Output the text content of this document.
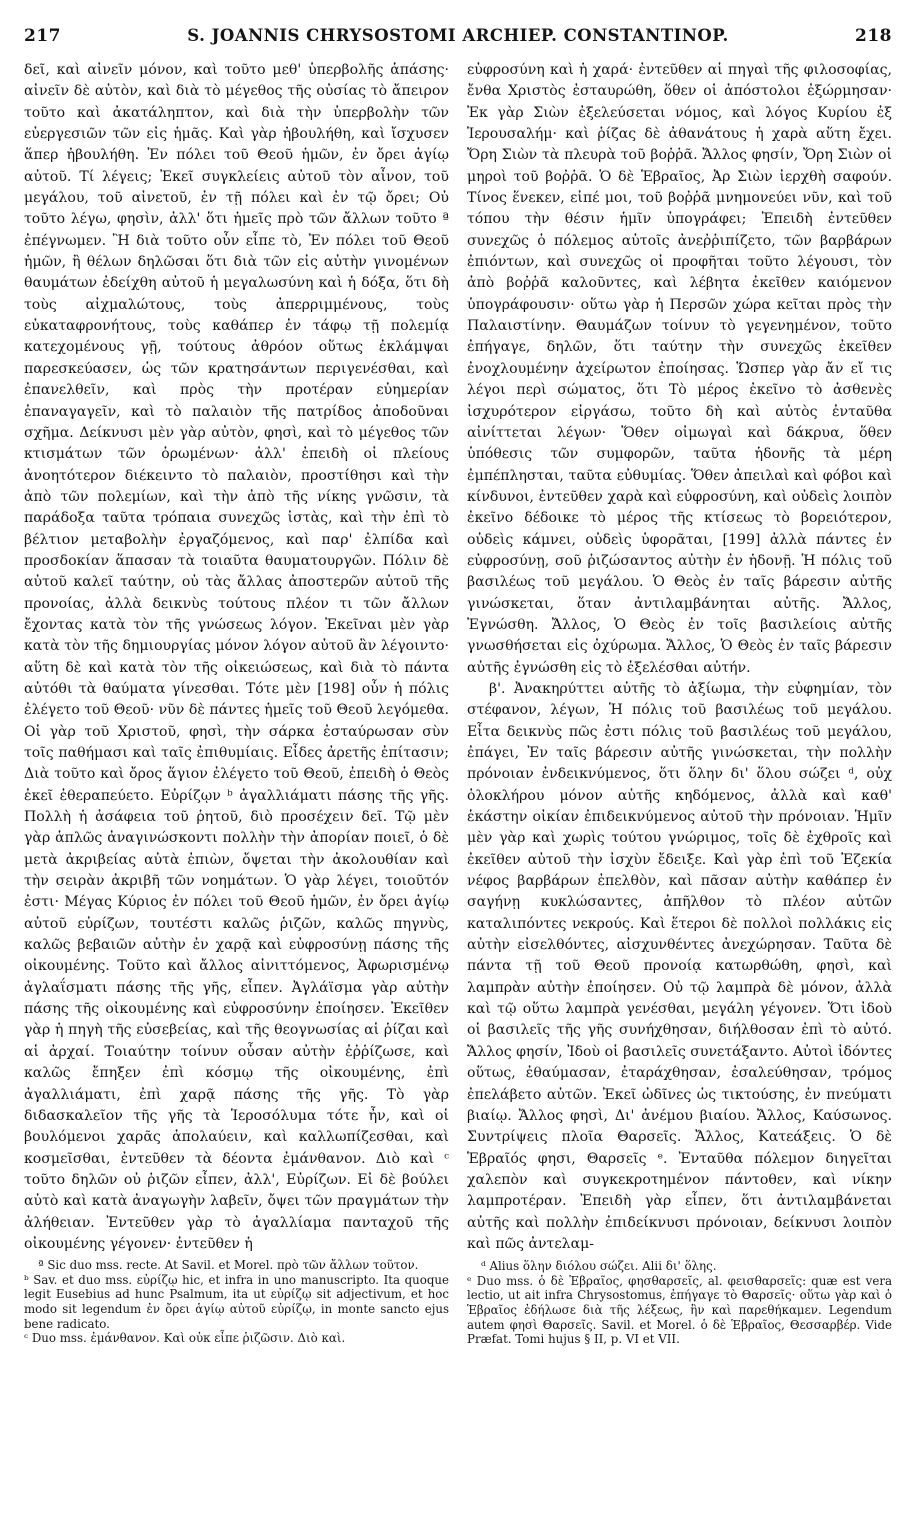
217	S. JOANNIS CHRYSOSTOMI ARCHIEP. CONSTANTINOP.	218

δεῖ, καὶ αἰνεῖν μόνον, καὶ τοῦτο μεθ' ὑπερβολῆς ἁπάσης· αἰνεῖν δὲ αὐτὸν, καὶ διὰ τὸ μέγεθος τῆς οὐσίας τὸ ἄπειρον τοῦτο καὶ ἀκατάληπτον, καὶ διὰ τὴν ὑπερβολὴν τῶν εὐεργεσιῶν τῶν εἰς ἡμᾶς. Καὶ γὰρ ἠβουλήθη, καὶ ἴσχυσεν ἅπερ ἠβουλήθη. Ἐν πόλει τοῦ Θεοῦ ἡμῶν, ἐν ὄρει ἁγίῳ αὐτοῦ. Τί λέγεις; Ἐκεῖ συγκλείεις αὐτοῦ τὸν αἶνον, τοῦ μεγάλου, τοῦ αἰνετοῦ, ἐν τῇ πόλει καὶ ἐν τῷ ὄρει; Οὐ τοῦτο λέγω, φησὶν, ἀλλ' ὅτι ἡμεῖς πρὸ τῶν ἄλλων τοῦτο ª ἐπέγνωμεν. Ἢ διὰ τοῦτο οὖν εἶπε τὸ, Ἐν πόλει τοῦ Θεοῦ ἡμῶν, ἢ θέλων δηλῶσαι ὅτι διὰ τῶν εἰς αὐτὴν γινομένων θαυμάτων ἐδείχθη αὐτοῦ ἡ μεγαλωσύνη καὶ ἡ δόξα, ὅτι δὴ τοὺς αἰχμαλώτους, τοὺς ἀπερριμμένους, τοὺς εὐκαταφρονήτους, τοὺς καθάπερ ἐν τάφῳ τῇ πολεμίᾳ κατεχομένους γῇ, τούτους ἀθρόον οὕτως ἐκλάμψαι παρεσκεύασεν, ὡς τῶν κρατησάντων περιγενέσθαι, καὶ ἐπανελθεῖν, καὶ πρὸς τὴν προτέραν εὐημερίαν ἐπαναγαγεῖν, καὶ τὸ παλαιὸν τῆς πατρίδος ἀποδοῦναι σχῆμα. Δείκνυσι μὲν γὰρ αὐτὸν, φησὶ, καὶ τὸ μέγεθος τῶν κτισμάτων τῶν ὁρωμένων· ἀλλ' ἐπειδὴ οἱ πλείους ἀνοητότερον διέκειντο τὸ παλαιὸν, προστίθησι καὶ τὴν ἀπὸ τῶν πολεμίων, καὶ τὴν ἀπὸ τῆς νίκης γνῶσιν, τὰ παράδοξα ταῦτα τρόπαια συνεχῶς ἱστὰς, καὶ τὴν ἐπὶ τὸ βέλτιον μεταβολὴν ἐργαζόμενος, καὶ παρ' ἐλπίδα καὶ προσδοκίαν ἅπασαν τὰ τοιαῦτα θαυματουργῶν. Πόλιν δὲ αὐτοῦ καλεῖ ταύτην, οὐ τὰς ἄλλας ἀποστερῶν αὐτοῦ τῆς προνοίας, ἀλλὰ δεικνὺς τούτους πλέον τι τῶν ἄλλων ἔχοντας κατὰ τὸν τῆς γνώσεως λόγον. Ἐκεῖναι μὲν γὰρ κατὰ τὸν τῆς δημιουργίας μόνον λόγον αὐτοῦ ἂν λέγοιντο· αὕτη δὲ καὶ κατὰ τὸν τῆς οἰκειώσεως, καὶ διὰ τὸ πάντα αὐτόθι τὰ θαύματα γίνεσθαι. Τότε μὲν [198] οὖν ἡ πόλις ἐλέγετο τοῦ Θεοῦ· νῦν δὲ πάντες ἡμεῖς τοῦ Θεοῦ λεγόμεθα. Οἱ γὰρ τοῦ Χριστοῦ, φησὶ, τὴν σάρκα ἐσταύρωσαν σὺν τοῖς παθήμασι καὶ ταῖς ἐπιθυμίαις. Εἶδες ἀρετῆς ἐπίτασιν; Διὰ τοῦτο καὶ ὄρος ἅγιον ἐλέγετο τοῦ Θεοῦ, ἐπειδὴ ὁ Θεὸς ἐκεῖ ἐθεραπεύετο. Εὐρίζῳν ᵇ ἀγαλλιάματι πάσης τῆς γῆς. Πολλὴ ἡ ἀσάφεια τοῦ ῥητοῦ, διὸ προσέχειν δεῖ. Τῷ μὲν γὰρ ἁπλῶς ἀναγινώσκοντι πολλὴν τὴν ἀπορίαν ποιεῖ, ὁ δὲ μετὰ ἀκριβείας αὐτὰ ἐπιὼν, ὄψεται τὴν ἀκολουθίαν καὶ τὴν σειρὰν ἀκριβῆ τῶν νοημάτων. Ὁ γὰρ λέγει, τοιοῦτόν ἐστι· Μέγας Κύριος ἐν πόλει τοῦ Θεοῦ ἡμῶν, ἐν ὄρει ἁγίῳ αὐτοῦ εὐρίζων, τουτέστι καλῶς ῥιζῶν, καλῶς πηγνὺς, καλῶς βεβαιῶν αὐτὴν ἐν χαρᾷ καὶ εὐφροσύνῃ πάσης τῆς οἰκουμένης. Τοῦτο καὶ ἄλλος αἰνιττόμενος, Ἀφωρισμένῳ ἀγλαΐσματι πάσης τῆς γῆς, εἶπεν. Ἀγλάϊσμα γὰρ αὐτὴν πάσης τῆς οἰκουμένης καὶ εὐφροσύνην ἐποίησεν. Ἐκεῖθεν γὰρ ἡ πηγὴ τῆς εὐσεβείας, καὶ τῆς θεογνωσίας αἱ ῥίζαι καὶ αἱ ἀρχαί. Τοιαύτην τοίνυν οὖσαν αὐτὴν ἐῤῥίζωσε, καὶ καλῶς ἔπηξεν ἐπὶ κόσμῳ τῆς οἰκουμένης, ἐπὶ ἀγαλλιάματι, ἐπὶ χαρᾷ πάσης τῆς γῆς. Τὸ γὰρ διδασκαλεῖον τῆς γῆς τὰ Ἱεροσόλυμα τότε ἦν, καὶ οἱ βουλόμενοι χαρᾶς ἀπολαύειν, καὶ καλλωπίζεσθαι, καὶ κοσμεῖσθαι, ἐντεῦθεν τὰ δέοντα ἐμάνθανον. Διὸ καὶ ᶜ τοῦτο δηλῶν οὐ ῥιζῶν εἶπεν, ἀλλ', Εὐρίζων. Εἰ δὲ βούλει αὐτὸ καὶ κατὰ ἀναγωγὴν λαβεῖν, ὄψει τῶν πραγμάτων τὴν ἀλήθειαν. Ἐντεῦθεν γὰρ τὸ ἀγαλλίαμα πανταχοῦ τῆς οἰκουμένης γέγονεν· ἐντεῦθεν ἡ

ª Sic duo mss. recte. At Savil. et Morel. πρὸ τῶν ἄλλων τοῦτον.

ᵇ Sav. et duo mss. εὐρίζῳ hic, et infra in uno manuscripto. Ita quoque legit Eusebius ad hunc Psalmum, ita ut εὐρίζῳ sit adjectivum, et hoc modo sit legendum ἐν ὄρει ἁγίῳ αὐτοῦ εὐρίζῳ, in monte sancto ejus bene radicato.

ᶜ Duo mss. ἐμάνθανον. Καὶ οὐκ εἶπε ῥιζῶσιν. Διὸ καὶ.

εὐφροσύνη καὶ ἡ χαρά· ἐντεῦθεν αἱ πηγαὶ τῆς φιλοσοφίας, ἔνθα Χριστὸς ἐσταυρώθη, ὅθεν οἱ ἀπόστολοι ἐξώρμησαν· Ἐκ γὰρ Σιὼν ἐξελεύσεται νόμος, καὶ λόγος Κυρίου ἐξ Ἱερουσαλήμ· καὶ ῥίζας δὲ ἀθανάτους ἡ χαρὰ αὕτη ἔχει. Ὄρη Σιὼν τὰ πλευρὰ τοῦ βοῤῥᾶ. Ἄλλος φησίν, Ὄρη Σιὼν οἱ μηροὶ τοῦ βοῤῥᾶ. Ὁ δὲ Ἑβραῖος, Ἀρ Σιὼν ἰερχθὴ σαφούν. Τίνος ἕνεκεν, εἰπέ μοι, τοῦ βοῤῥᾶ μνημονεύει νῦν, καὶ τοῦ τόπου τὴν θέσιν ἡμῖν ὑπογράφει; Ἐπειδὴ ἐντεῦθεν συνεχῶς ὁ πόλεμος αὐτοῖς ἀνεῤῥιπίζετο, τῶν βαρβάρων ἐπιόντων, καὶ συνεχῶς οἱ προφῆται τοῦτο λέγουσι, τὸν ἀπὸ βοῤῥᾶ καλοῦντες, καὶ λέβητα ἐκεῖθεν καιόμενον ὑπογράφουσιν· οὕτω γὰρ ἡ Περσῶν χώρα κεῖται πρὸς τὴν Παλαιστίνην. Θαυμάζων τοίνυν τὸ γεγενημένον, τοῦτο ἐπήγαγε, δηλῶν, ὅτι ταύτην τὴν συνεχῶς ἐκεῖθεν ἐνοχλουμένην ἀχείρωτον ἐποίησας. Ὥσπερ γὰρ ἄν εἴ τις λέγοι περὶ σώματος, ὅτι Τὸ μέρος ἐκεῖνο τὸ ἀσθενὲς ἰσχυρότερον εἰργάσω, τοῦτο δὴ καὶ αὐτὸς ἐνταῦθα αἰνίττεται λέγων· Ὅθεν οἰμωγαὶ καὶ δάκρυα, ὅθεν ὑπόθεσις τῶν συμφορῶν, ταῦτα ἡδονῆς τὰ μέρη ἐμπέπλησται, ταῦτα εὐθυμίας. Ὅθεν ἀπειλαὶ καὶ φόβοι καὶ κίνδυνοι, ἐντεῦθεν χαρὰ καὶ εὐφροσύνη, καὶ οὐδεὶς λοιπὸν ἐκεῖνο δέδοικε τὸ μέρος τῆς κτίσεως τὸ βορειότερον, οὐδεὶς κάμνει, οὐδεὶς ὑφορᾶται, [199] ἀλλὰ πάντες ἐν εὐφροσύνῃ, σοῦ ῥιζώσαντος αὐτὴν ἐν ἡδονῇ. Ἡ πόλις τοῦ βασιλέως τοῦ μεγάλου. Ὁ Θεὸς ἐν ταῖς βάρεσιν αὐτῆς γινώσκεται, ὅταν ἀντιλαμβάνηται αὐτῆς. Ἄλλος, Ἐγνώσθη. Ἄλλος, Ὁ Θεὸς ἐν τοῖς βασιλείοις αὐτῆς γνωσθήσεται εἰς ὀχύρωμα. Ἄλλος, Ὁ Θεὸς ἐν ταῖς βάρεσιν αὐτῆς ἐγνώσθη εἰς τὸ ἐξελέσθαι αὐτήν.

β'. Ἀνακηρύττει αὐτῆς τὸ ἀξίωμα, τὴν εὐφημίαν, τὸν στέφανον, λέγων, Ἡ πόλις τοῦ βασιλέως τοῦ μεγάλου. Εἶτα δεικνὺς πῶς ἐστι πόλις τοῦ βασιλέως τοῦ μεγάλου, ἐπάγει, Ἐν ταῖς βάρεσιν αὐτῆς γινώσκεται, τὴν πολλὴν πρόνοιαν ἐνδεικνύμενος, ὅτι ὅλην δι' ὅλου σώζει ᵈ, οὐχ ὁλοκλήρου μόνον αὐτῆς κηδόμενος, ἀλλὰ καὶ καθ' ἑκάστην οἰκίαν ἐπιδεικνύμενος αὐτοῦ τὴν πρόνοιαν. Ἡμῖν μὲν γὰρ καὶ χωρὶς τούτου γνώριμος, τοῖς δὲ ἐχθροῖς καὶ ἐκεῖθεν αὐτοῦ τὴν ἰσχὺν ἔδειξε. Καὶ γὰρ ἐπὶ τοῦ Ἐζεκία νέφος βαρβάρων ἐπελθὸν, καὶ πᾶσαν αὐτὴν καθάπερ ἐν σαγήνῃ κυκλώσαντες, ἀπῆλθον τὸ πλέον αὐτῶν καταλιπόντες νεκρούς. Καὶ ἕτεροι δὲ πολλοὶ πολλάκις εἰς αὐτὴν εἰσελθόντες, αἰσχυνθέντες ἀνεχώρησαν. Ταῦτα δὲ πάντα τῇ τοῦ Θεοῦ προνοίᾳ κατωρθώθη, φησὶ, καὶ λαμπρὰν αὐτὴν ἐποίησεν. Οὐ τῷ λαμπρὰ δὲ μόνον, ἀλλὰ καὶ τῷ οὕτω λαμπρὰ γενέσθαι, μεγάλη γέγονεν. Ὅτι ἰδοὺ οἱ βασιλεῖς τῆς γῆς συνήχθησαν, διήλθοσαν ἐπὶ τὸ αὐτό. Ἄλλος φησίν, Ἰδοὺ οἱ βασιλεῖς συνετάξαντο. Αὐτοὶ ἰδόντες οὕτως, ἐθαύμασαν, ἐταράχθησαν, ἐσαλεύθησαν, τρόμος ἐπελάβετο αὐτῶν. Ἐκεῖ ὠδῖνες ὡς τικτούσης, ἐν πνεύματι βιαίῳ. Ἄλλος φησὶ, Δι' ἀνέμου βιαίου. Ἄλλος, Καύσωνος. Συντρίψεις πλοῖα Θαρσεῖς. Ἄλλος, Κατεάξεις. Ὁ δὲ Ἑβραῖός φησι, Θαρσεῖς ᵉ. Ἐνταῦθα πόλεμον διηγεῖται χαλεπὸν καὶ συγκεκροτημένον πάντοθεν, καὶ νίκην λαμπροτέραν. Ἐπειδὴ γὰρ εἶπεν, ὅτι ἀντιλαμβάνεται αὐτῆς καὶ πολλὴν ἐπιδείκνυσι πρόνοιαν, δείκνυσι λοιπὸν καὶ πῶς ἀντελαμ-

ᵈ Alius ὅλην διόλου σώζει. Alii δι' ὅλης.

ᵉ Duo mss. ὁ δὲ Ἑβραῖος, φησθαρσεῖς, al. φεισθαρσεῖς: quæ est vera lectio, ut ait infra Chrysostomus, ἐπήγαγε τὸ Θαρσεῖς· οὕτω γὰρ καὶ ὁ Ἑβραῖος ἐδήλωσε διὰ τῆς λέξεως, ἣν καὶ παρεθήκαμεν. Legendum autem φησὶ Θαρσεῖς. Savil. et Morel. ὁ δὲ Ἑβραῖος, Θεσσαρβέρ. Vide Præfat. Tomi hujus § II, p. VI et VII.
